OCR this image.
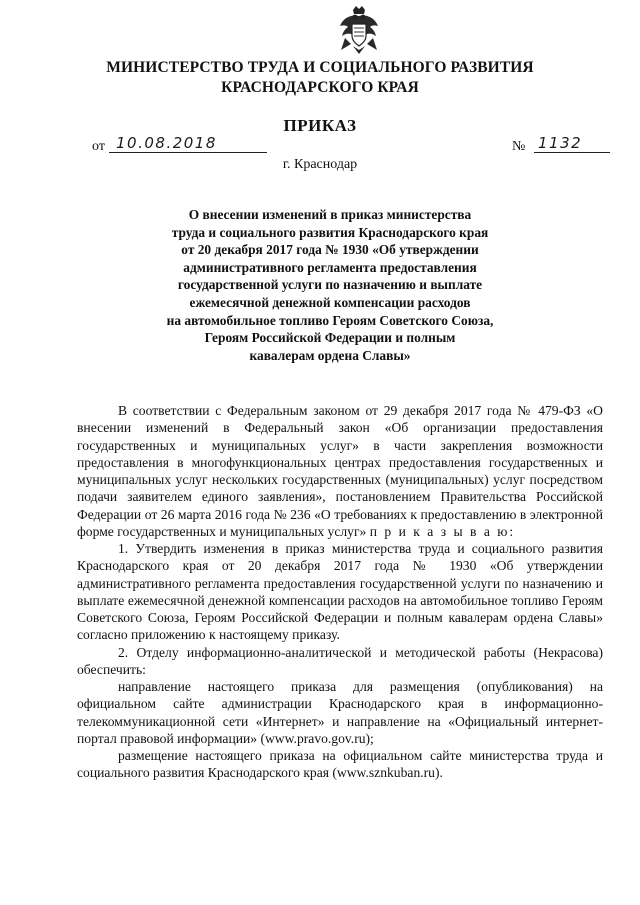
МИНИСТЕРСТВО ТРУДА И СОЦИАЛЬНОГО РАЗВИТИЯ
КРАСНОДАРСКОГО КРАЯ
ПРИКАЗ
от 10.08.2018	№ 1132
г. Краснодар
О внесении изменений в приказ министерства
труда и социального развития Краснодарского края
от 20 декабря 2017 года № 1930 «Об утверждении
административного регламента предоставления
государственной услуги по назначению и выплате
ежемесячной денежной компенсации расходов
на автомобильное топливо Героям Советского Союза,
Героям Российской Федерации и полным
кавалерам ордена Славы»

В соответствии с Федеральным законом от 29 декабря 2017 года № 479-ФЗ «О внесении изменений в Федеральный закон «Об организации предоставления государственных и муниципальных услуг» в части закрепления возможности предоставления в многофункциональных центрах предоставления государственных и муниципальных услуг нескольких государственных (муниципальных) услуг посредством подачи заявителем единого заявления», постановлением Правительства Российской Федерации от 26 марта 2016 года № 236 «О требованиях к предоставлению в электронной форме государственных и муниципальных услуг» п р и к а з ы в а ю:

1. Утвердить изменения в приказ министерства труда и социального развития Краснодарского края от 20 декабря 2017 года № 1930 «Об утверждении административного регламента предоставления государственной услуги по назначению и выплате ежемесячной денежной компенсации расходов на автомобильное топливо Героям Советского Союза, Героям Российской Федерации и полным кавалерам ордена Славы» согласно приложению к настоящему приказу.

2. Отделу информационно-аналитической и методической работы (Некрасова) обеспечить:

направление настоящего приказа для размещения (опубликования) на официальном сайте администрации Краснодарского края в информационно-телекоммуникационной сети «Интернет» и направление на «Официальный интернет-портал правовой информации» (www.pravo.gov.ru);

размещение настоящего приказа на официальном сайте министерства труда и социального развития Краснодарского края (www.sznkuban.ru).
